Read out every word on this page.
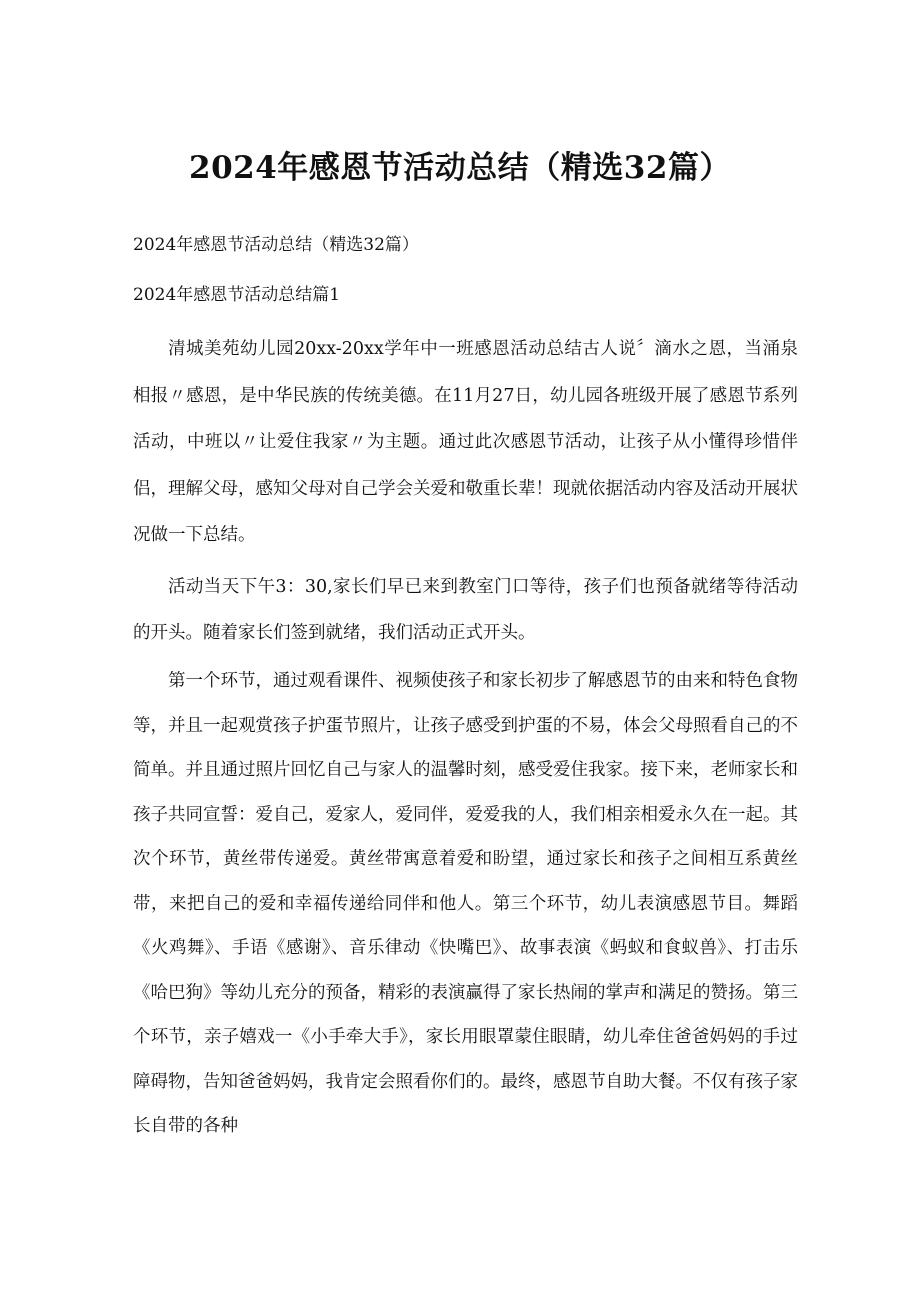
2024年感恩节活动总结（精选32篇）

2024年感恩节活动总结（精选32篇）

2024年感恩节活动总结篇1

清城美苑幼儿园20xx-20xx学年中一班感恩活动总结古人说〞滴水之恩，当涌泉相报〃感恩，是中华民族的传统美德。在11月27日，幼儿园各班级开展了感恩节系列活动，中班以〃让爱住我家〃为主题。通过此次感恩节活动，让孩子从小懂得珍惜伴侣，理解父母，感知父母对自己学会关爱和敬重长辈！现就依据活动内容及活动开展状况做一下总结。

活动当天下午3：30,家长们早已来到教室门口等待，孩子们也预备就绪等待活动的开头。随着家长们签到就绪，我们活动正式开头。

第一个环节，通过观看课件、视频使孩子和家长初步了解感恩节的由来和特色食物等，并且一起观赏孩子护蛋节照片，让孩子感受到护蛋的不易，体会父母照看自己的不简单。并且通过照片回忆自己与家人的温馨时刻，感受爱住我家。接下来，老师家长和孩子共同宣誓：爱自己，爱家人，爱同伴，爱爱我的人，我们相亲相爱永久在一起。其次个环节，黄丝带传递爱。黄丝带寓意着爱和盼望，通过家长和孩子之间相互系黄丝带，来把自己的爱和幸福传递给同伴和他人。第三个环节，幼儿表演感恩节目。舞蹈《火鸡舞》、手语《感谢》、音乐律动《快嘴巴》、故事表演《蚂蚁和食蚁兽》、打击乐《哈巴狗》等幼儿充分的预备，精彩的表演赢得了家长热闹的掌声和满足的赞扬。第三个环节，亲子嬉戏一《小手牵大手》，家长用眼罩蒙住眼睛，幼儿牵住爸爸妈妈的手过障碍物，告知爸爸妈妈，我肯定会照看你们的。最终，感恩节自助大餐。不仅有孩子家长自带的各种
